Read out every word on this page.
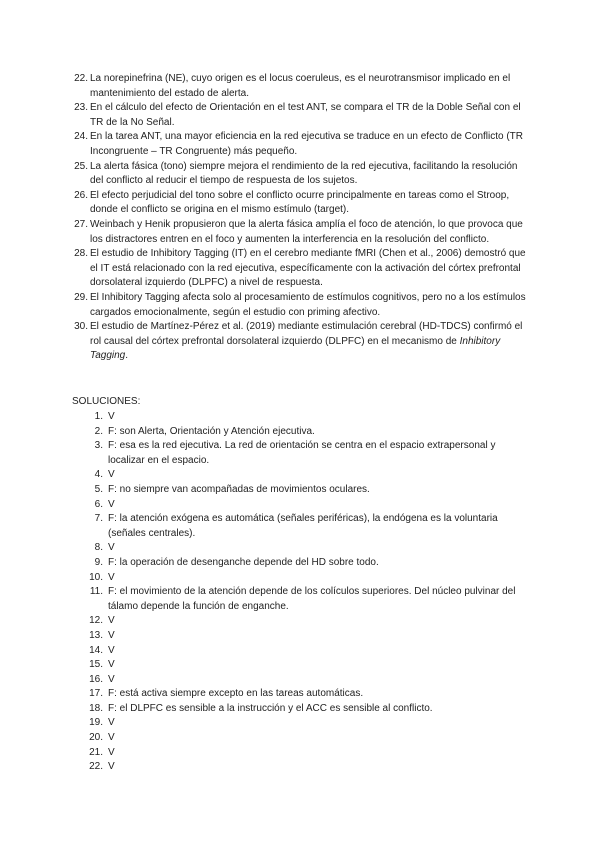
22. La norepinefrina (NE), cuyo origen es el locus coeruleus, es el neurotransmisor implicado en el mantenimiento del estado de alerta.
23. En el cálculo del efecto de Orientación en el test ANT, se compara el TR de la Doble Señal con el TR de la No Señal.
24. En la tarea ANT, una mayor eficiencia en la red ejecutiva se traduce en un efecto de Conflicto (TR Incongruente – TR Congruente) más pequeño.
25. La alerta fásica (tono) siempre mejora el rendimiento de la red ejecutiva, facilitando la resolución del conflicto al reducir el tiempo de respuesta de los sujetos.
26. El efecto perjudicial del tono sobre el conflicto ocurre principalmente en tareas como el Stroop, donde el conflicto se origina en el mismo estímulo (target).
27. Weinbach y Henik propusieron que la alerta fásica amplía el foco de atención, lo que provoca que los distractores entren en el foco y aumenten la interferencia en la resolución del conflicto.
28. El estudio de Inhibitory Tagging (IT) en el cerebro mediante fMRI (Chen et al., 2006) demostró que el IT está relacionado con la red ejecutiva, específicamente con la activación del córtex prefrontal dorsolateral izquierdo (DLPFC) a nivel de respuesta.
29. El Inhibitory Tagging afecta solo al procesamiento de estímulos cognitivos, pero no a los estímulos cargados emocionalmente, según el estudio con priming afectivo.
30. El estudio de Martínez-Pérez et al. (2019) mediante estimulación cerebral (HD-TDCS) confirmó el rol causal del córtex prefrontal dorsolateral izquierdo (DLPFC) en el mecanismo de Inhibitory Tagging.
SOLUCIONES:
1. V
2. F: son Alerta, Orientación y Atención ejecutiva.
3. F: esa es la red ejecutiva. La red de orientación se centra en el espacio extrapersonal y localizar en el espacio.
4. V
5. F: no siempre van acompañadas de movimientos oculares.
6. V
7. F: la atención exógena es automática (señales periféricas), la endógena es la voluntaria (señales centrales).
8. V
9. F: la operación de desenganche depende del HD sobre todo.
10. V
11. F: el movimiento de la atención depende de los colículos superiores. Del núcleo pulvinar del tálamo depende la función de enganche.
12. V
13. V
14. V
15. V
16. V
17. F: está activa siempre excepto en las tareas automáticas.
18. F: el DLPFC es sensible a la instrucción y el ACC es sensible al conflicto.
19. V
20. V
21. V
22. V
